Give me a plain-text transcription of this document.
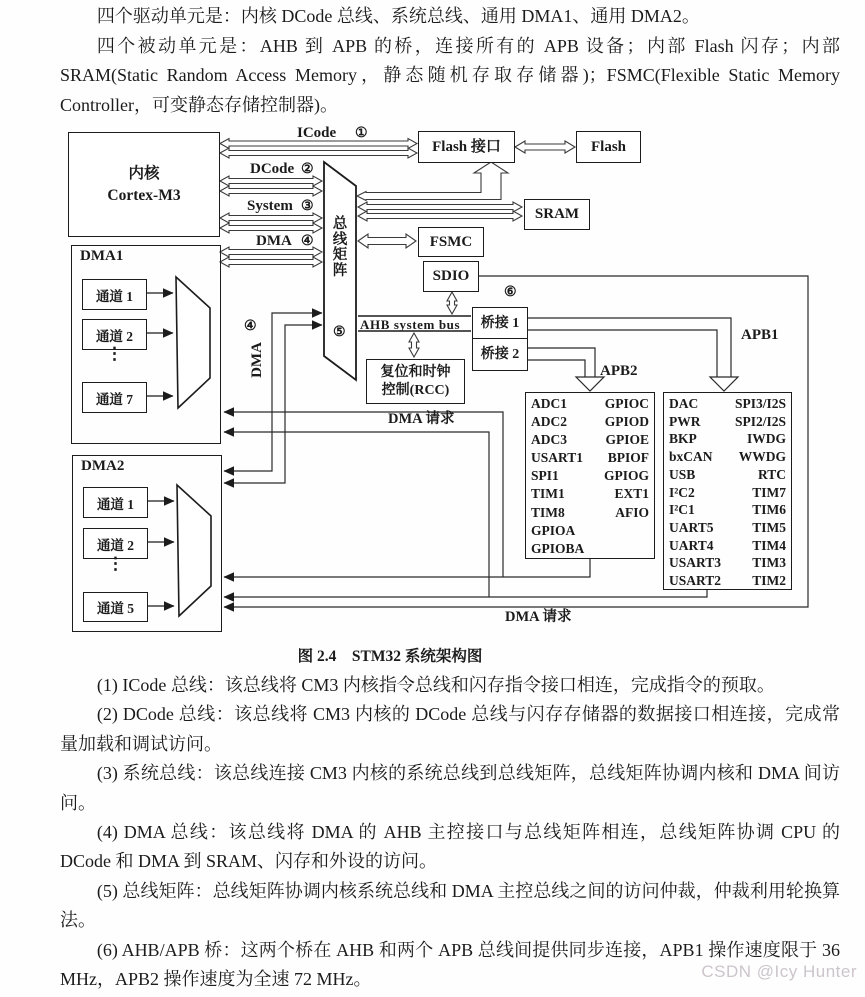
四个驱动单元是：内核 DCode 总线、系统总线、通用 DMA1、通用 DMA2。

四个被动单元是：AHB 到 APB 的桥，连接所有的 APB 设备；内部 Flash 闪存；内部 SRAM(Static Random Access Memory，静态随机存取存储器)；FSMC(Flexible Static Memory Controller，可变静态存储控制器)。

内核
Cortex-M3
DMA1
通道 1
通道 2
⋮
通道 7
DMA2
通道 1
通道 2
⋮
通道 5
Flash 接口	Flash
SRAM
FSMC
SDIO
桥接 1
桥接 2
复位和时钟
控制(RCC)
ADC1
ADC2
ADC3
USART1
SPI1
TIM1
TIM8
GPIOA
GPIOBA
GPIOC
GPIOD
GPIOE
BPIOF
GPIOG
EXT1
AFIO
DAC
PWR
BKP
bxCAN
USB
I²C2
I²C1
UART5
UART4
USART3
USART2
SPI3/I2S
SPI2/I2S
IWDG
WWDG
RTC
TIM7
TIM6
TIM5
TIM4
TIM3
TIM2
总线矩阵
⑤
ICode ①
DCode ②
System ③
DMA ④
④
DMA
⑥
AHB system bus
APB1
APB2
DMA 请求
DMA 请求
图 2.4　STM32 系统架构图

(1) ICode 总线：该总线将 CM3 内核指令总线和闪存指令接口相连，完成指令的预取。

(2) DCode 总线：该总线将 CM3 内核的 DCode 总线与闪存存储器的数据接口相连接，完成常量加载和调试访问。

(3) 系统总线：该总线连接 CM3 内核的系统总线到总线矩阵，总线矩阵协调内核和 DMA 间访问。

(4) DMA 总线：该总线将 DMA 的 AHB 主控接口与总线矩阵相连，总线矩阵协调 CPU 的 DCode 和 DMA 到 SRAM、闪存和外设的访问。

(5) 总线矩阵：总线矩阵协调内核系统总线和 DMA 主控总线之间的访问仲裁，仲裁利用轮换算法。

(6) AHB/APB 桥：这两个桥在 AHB 和两个 APB 总线间提供同步连接，APB1 操作速度限于 36 MHz，APB2 操作速度为全速 72 MHz。	CSDN @Icy Hunter
